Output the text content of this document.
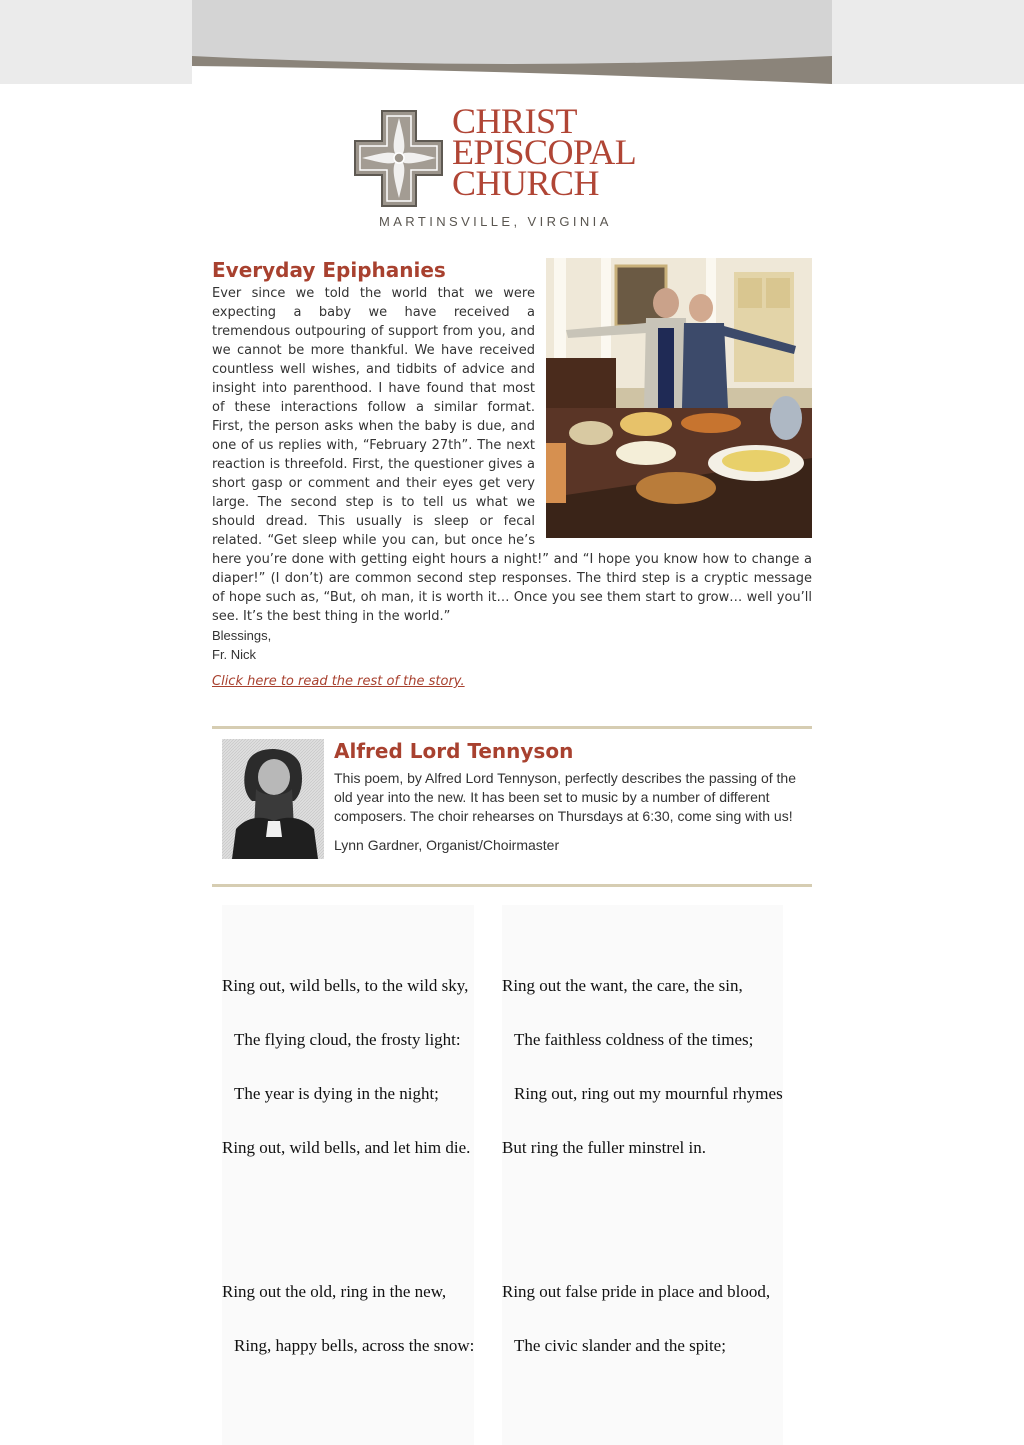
CHRIST
EPISCOPAL
CHURCH
MARTINSVILLE, VIRGINIA
Everyday Epiphanies

Ever since we told the world that we were expecting a baby we have received a tremendous outpouring of support from you, and we cannot be more thankful. We have received countless well wishes, and tidbits of advice and insight into parenthood. I have found that most of these interactions follow a similar format. First, the person asks when the baby is due, and one of us replies with, “February 27th”. The next reaction is threefold. First, the questioner gives a short gasp or comment and their eyes get very large. The second step is to tell us what we should dread. This usually is sleep or fecal related. “Get sleep while you can, but once he’s here you’re done with getting eight hours a night!” and “I hope you know how to change a diaper!” (I don’t) are common second step responses. The third step is a cryptic message of hope such as, “But, oh man, it is worth it… Once you see them start to grow… well you’ll see. It’s the best thing in the world.”

Blessings,

Fr. Nick

Click here to read the rest of the story.
Alfred Lord Tennyson

This poem, by Alfred Lord Tennyson, perfectly describes the passing of the old year into the new. It has been set to music by a number of different composers. The choir rehearses on Thursdays at 6:30, come sing with us!

Lynn Gardner, Organist/Choirmaster

Ring out, wild bells, to the wild sky,

The flying cloud, the frosty light:

The year is dying in the night;

Ring out, wild bells, and let him die.

Ring out the old, ring in the new,

Ring, happy bells, across the snow:

Ring out the want, the care, the sin,

The faithless coldness of the times;

Ring out, ring out my mournful rhymes

But ring the fuller minstrel in.

Ring out false pride in place and blood,

The civic slander and the spite;
